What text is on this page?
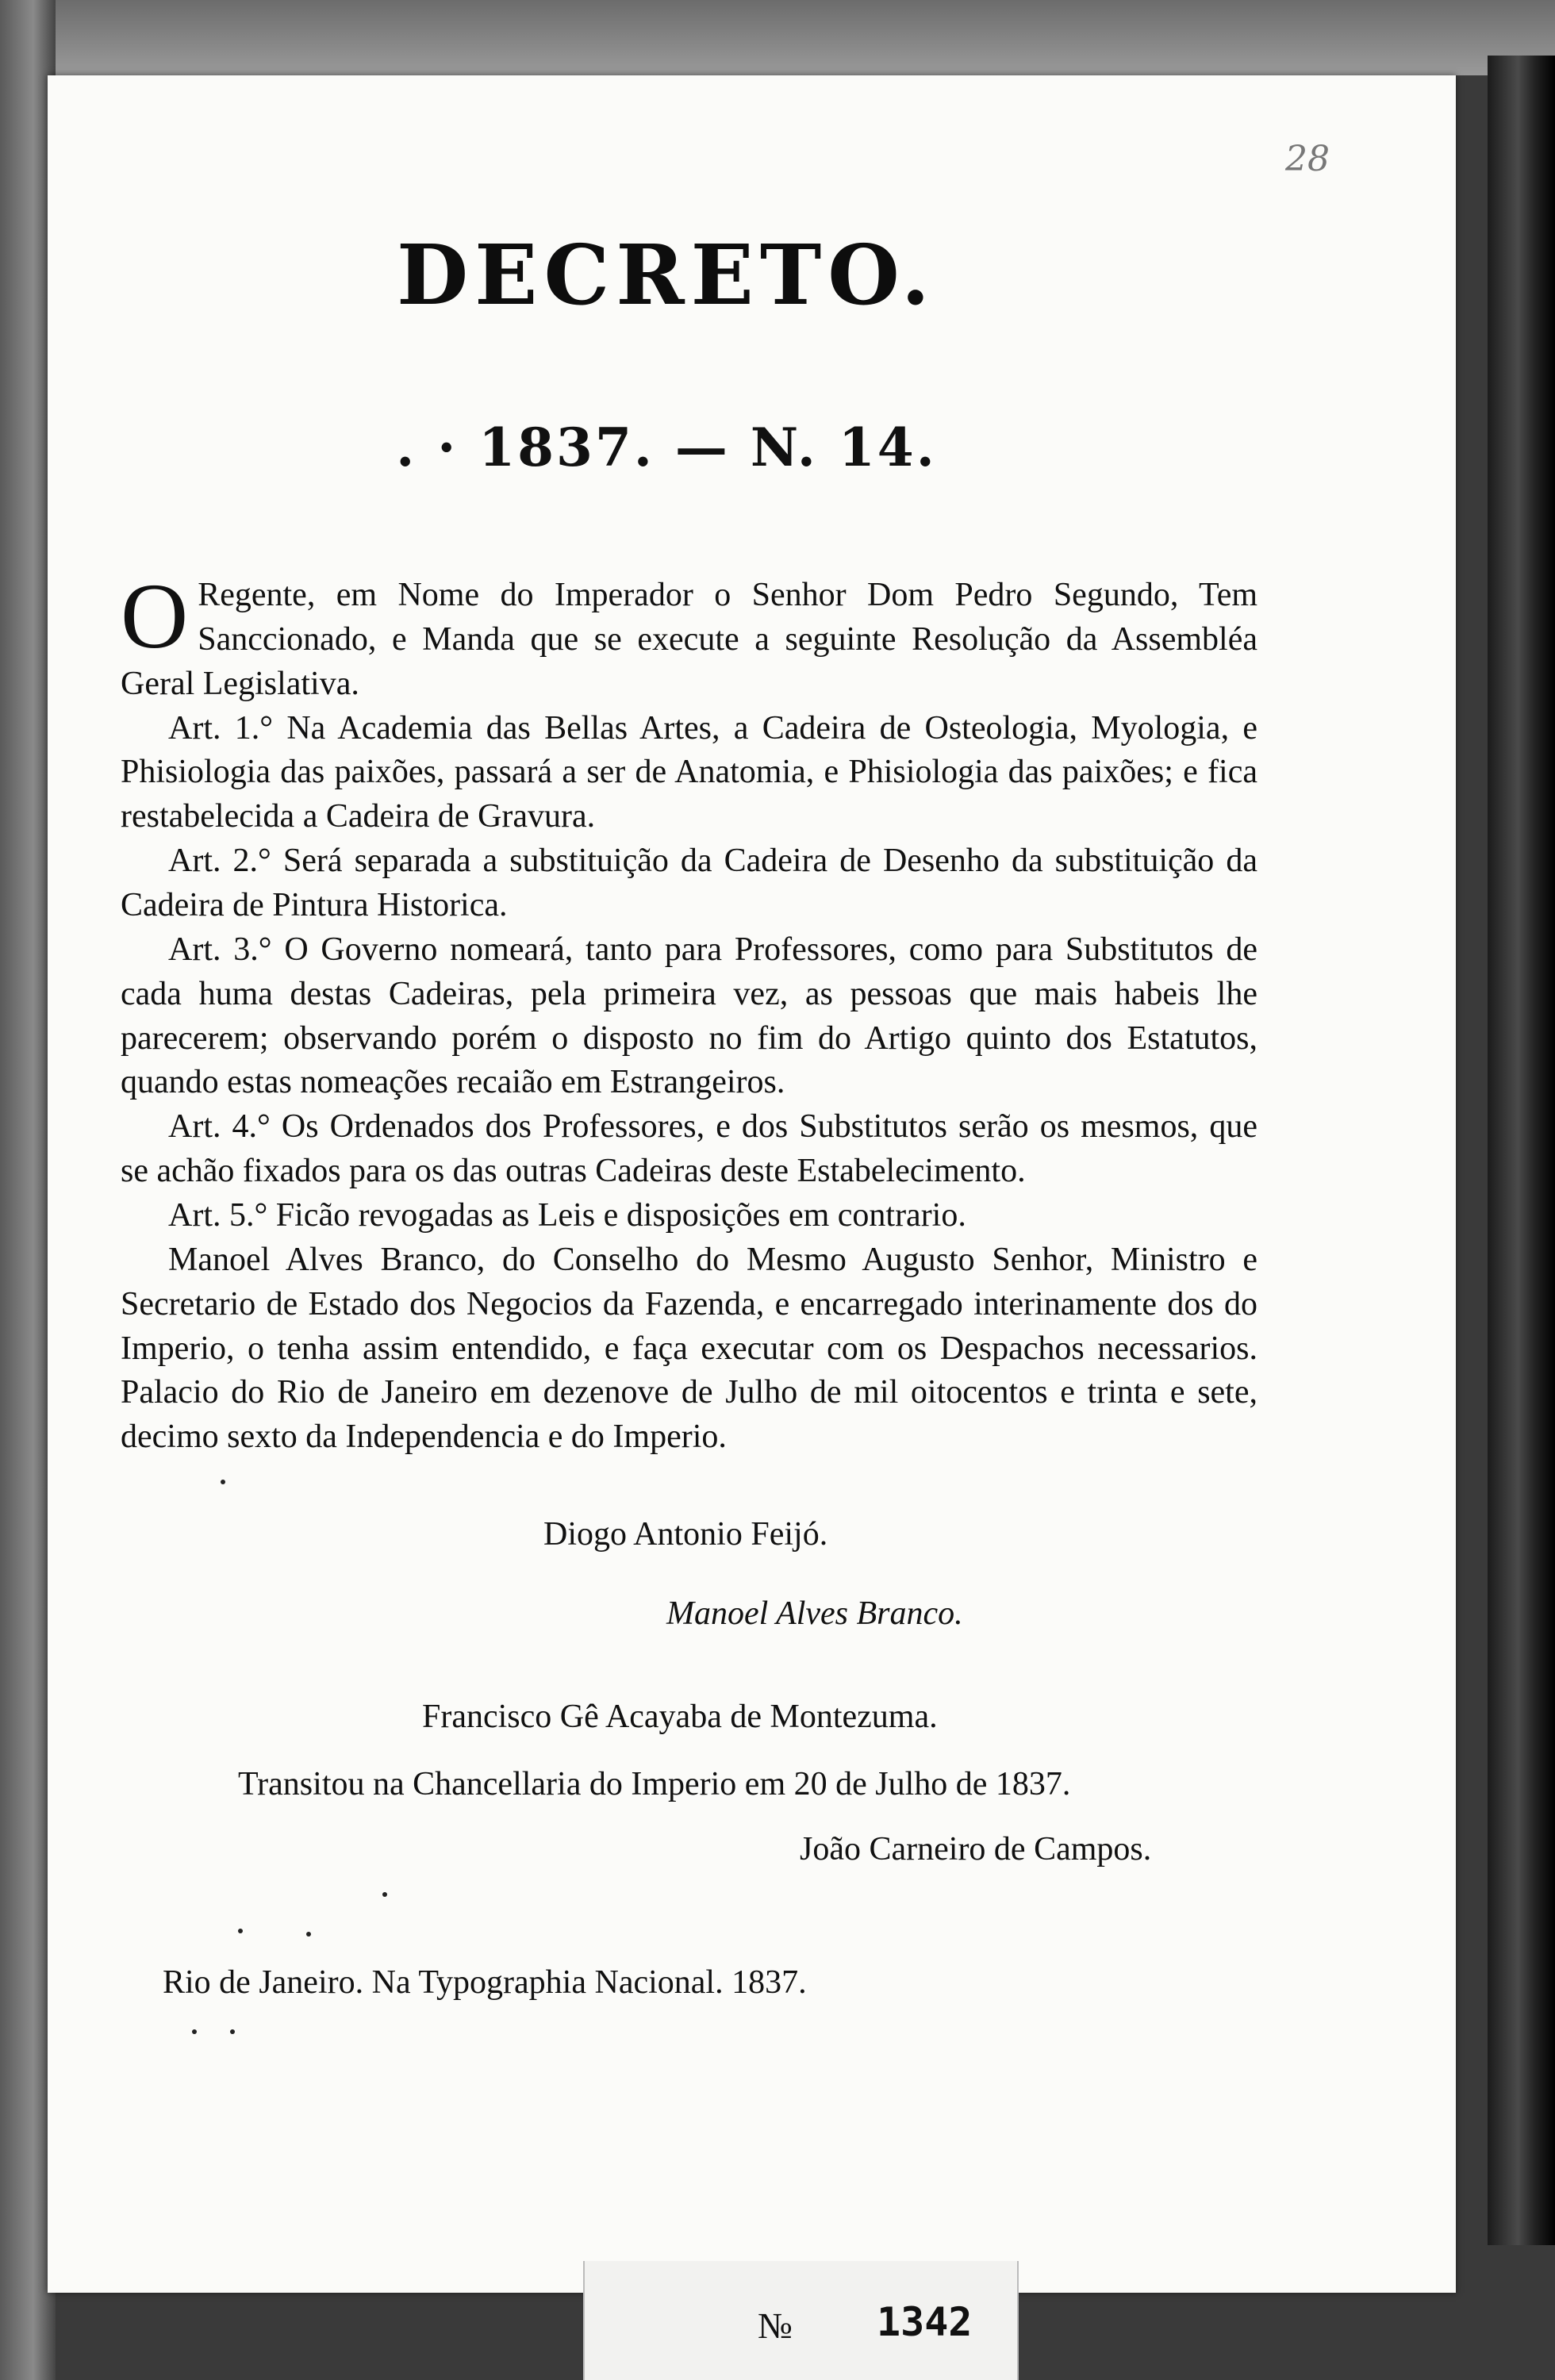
28
DECRETO.
. · 1837. — N. 14.

O Regente, em Nome do Imperador o Senhor Dom Pedro Segundo, Tem Sanccionado, e Manda que se execute a seguinte Resolução da Assembléa Geral Legislativa.

Art. 1.° Na Academia das Bellas Artes, a Cadeira de Osteologia, Myologia, e Phisiologia das paixões, passará a ser de Anatomia, e Phisiologia das paixões; e fica restabelecida a Cadeira de Gravura.

Art. 2.° Será separada a substituição da Cadeira de Desenho da substituição da Cadeira de Pintura Historica.

Art. 3.° O Governo nomeará, tanto para Professores, como para Substitutos de cada huma destas Cadeiras, pela primeira vez, as pessoas que mais habeis lhe parecerem; observando porém o disposto no fim do Artigo quinto dos Estatutos, quando estas nomeações recaião em Estrangeiros.

Art. 4.° Os Ordenados dos Professores, e dos Substitutos serão os mesmos, que se achão fixados para os das outras Cadeiras deste Estabelecimento.

Art. 5.° Ficão revogadas as Leis e disposições em contrario.

Manoel Alves Branco, do Conselho do Mesmo Augusto Senhor, Ministro e Secretario de Estado dos Negocios da Fazenda, e encarregado interinamente dos do Imperio, o tenha assim entendido, e faça executar com os Despachos necessarios. Palacio do Rio de Janeiro em dezenove de Julho de mil oitocentos e trinta e sete, decimo sexto da Independencia e do Imperio.

Diogo Antonio Feijó.
Manoel Alves Branco.
Francisco Gê Acayaba de Montezuma.
Transitou na Chancellaria do Imperio em 20 de Julho de 1837.
João Carneiro de Campos.
Rio de Janeiro. Na Typographia Nacional. 1837.
№ 1342
